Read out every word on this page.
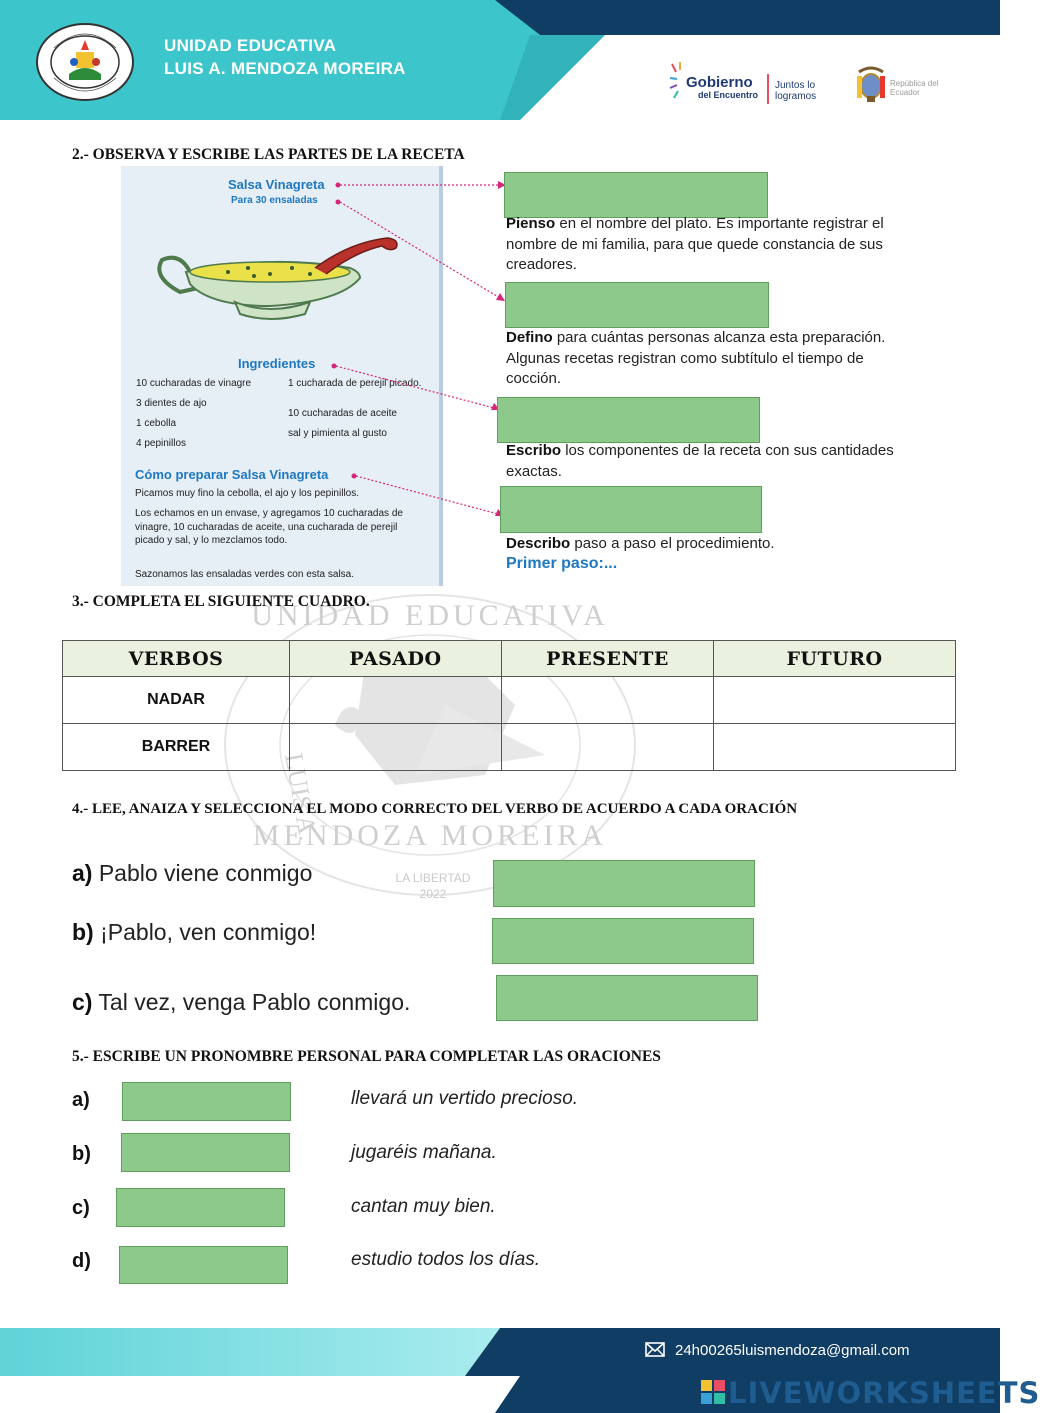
UNIDAD EDUCATIVA
LUIS A. MENDOZA MOREIRA
Gobierno
del Encuentro
Juntos lo logramos
República del Ecuador
UNIDAD EDUCATIVA
LUIS A.
MENDOZA MOREIRA
LA LIBERTAD
2022
2.- OBSERVA Y ESCRIBE LAS PARTES DE LA RECETA
Salsa Vinagreta
Para 30 ensaladas
Ingredientes
10 cucharadas de vinagre
3 dientes de ajo
1 cebolla
4 pepinillos
1 cucharada de perejil picado.
10 cucharadas de aceite
sal y pimienta al gusto
Cómo preparar Salsa Vinagreta
Picamos muy fino la cebolla, el ajo y los pepinillos.
Los echamos en un envase, y agregamos 10 cucharadas de vinagre, 10 cucharadas de aceite, una cucharada de perejil picado y sal, y lo mezclamos todo.
Sazonamos las ensaladas verdes con esta salsa.
Pienso en el nombre del plato. Es importante registrar el nombre de mi familia, para que quede constancia de sus creadores.
Defino para cuántas personas alcanza esta preparación. Algunas recetas registran como subtítulo el tiempo de cocción.
Escribo los componentes de la receta con sus cantidades exactas.
Describo paso a paso el procedimiento.
Primer paso:...
3.- COMPLETA EL SIGUIENTE CUADRO.
VERBOS	PASADO	PRESENTE	FUTURO
NADAR			
BARRER			
4.- LEE, ANAIZA Y SELECCIONA EL MODO CORRECTO DEL VERBO DE ACUERDO A CADA ORACIÓN
a) Pablo viene conmigo
b) ¡Pablo, ven conmigo!
c) Tal vez, venga Pablo conmigo.
5.- ESCRIBE UN PRONOMBRE PERSONAL PARA COMPLETAR LAS ORACIONES
a)	llevará un vertido precioso.
b)	jugaréis mañana.
c)	cantan muy bien.
d)	estudio todos los días.
24h00265luismendoza@gmail.com
LIVEWORKSHEETS
